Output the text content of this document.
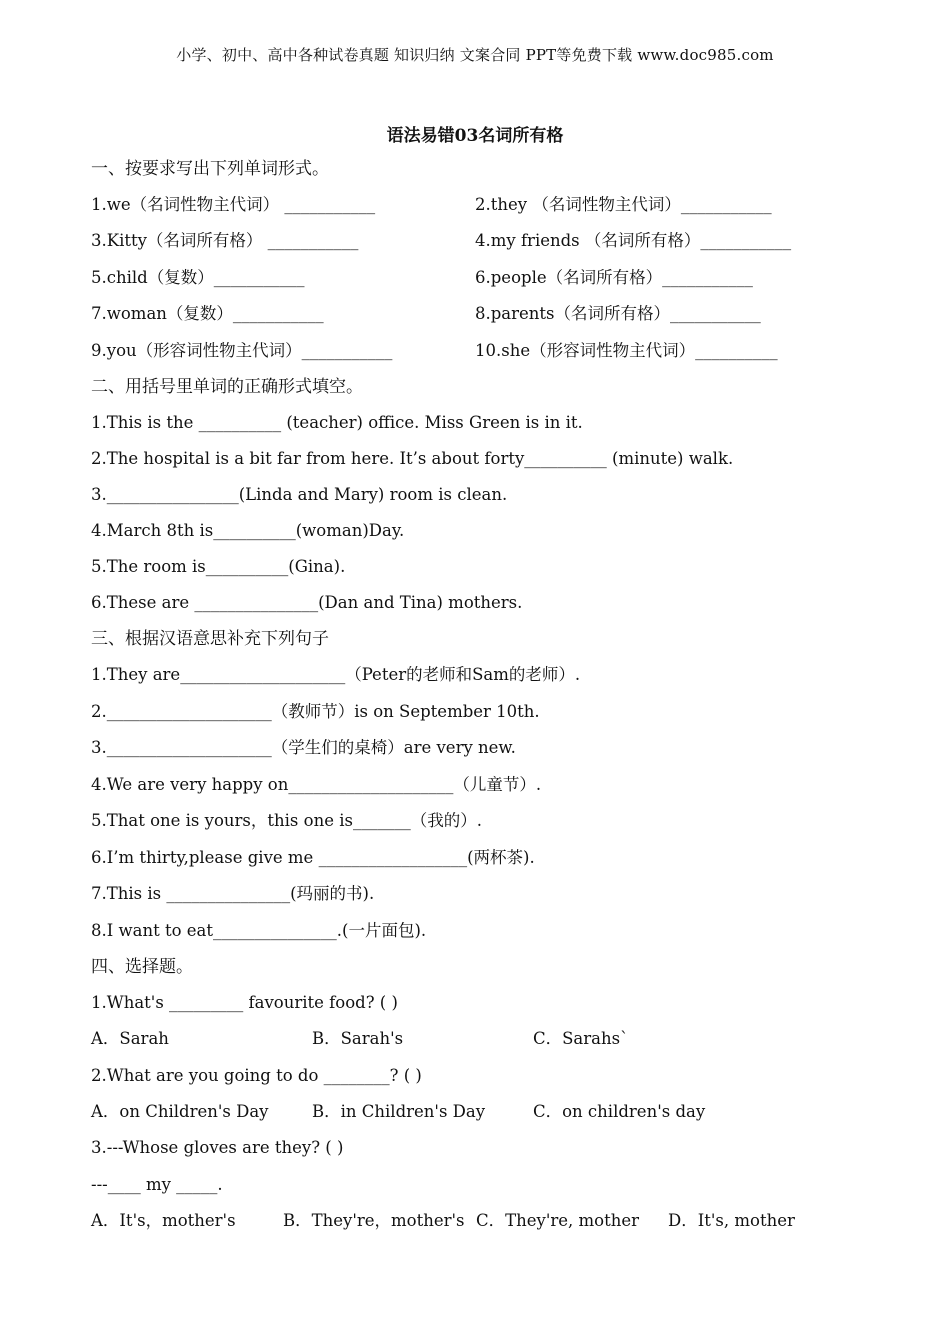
小学、初中、高中各种试卷真题 知识归纳 文案合同 PPT等免费下载 www.doc985.com
语法易错03名词所有格
一、按要求写出下列单词形式。
1.we（名词性物主代词） ___________	2.they （名词性物主代词）___________
3.Kitty（名词所有格） ___________	4.my friends （名词所有格）___________
5.child（复数）___________	6.people（名词所有格）___________
7.woman（复数）___________	8.parents（名词所有格）___________
9.you（形容词性物主代词）___________	10.she（形容词性物主代词）__________
二、用括号里单词的正确形式填空。
1.This is the __________ (teacher) office. Miss Green is in it.
2.The hospital is a bit far from here. It’s about forty__________ (minute) walk.
3.________________(Linda and Mary) room is clean.
4.March 8th is__________(woman)Day.
5.The room is__________(Gina).
6.These are _______________(Dan and Tina) mothers.
三、根据汉语意思补充下列句子
1.They are____________________（Peter的老师和Sam的老师）.
2.____________________（教师节）is on September 10th.
3.____________________（学生们的桌椅）are very new.
4.We are very happy on____________________（儿童节）.
5.That one is yours，this one is_______（我的）.
6.I’m thirty,please give me __________________(两杯茶).
7.This is _______________(玛丽的书).
8.I want to eat_______________.(一片面包).
四、选择题。
1.What's _________ favourite food? ( )
A．Sarah	B．Sarah's	C．Sarahs`
2.What are you going to do ________? ( )
A．on Children's Day	B．in Children's Day	C．on children's day
3.---Whose gloves are they? ( )
---____ my _____.
A．It's，mother's	B．They're，mother's C．They're, mother D．It's, mother
